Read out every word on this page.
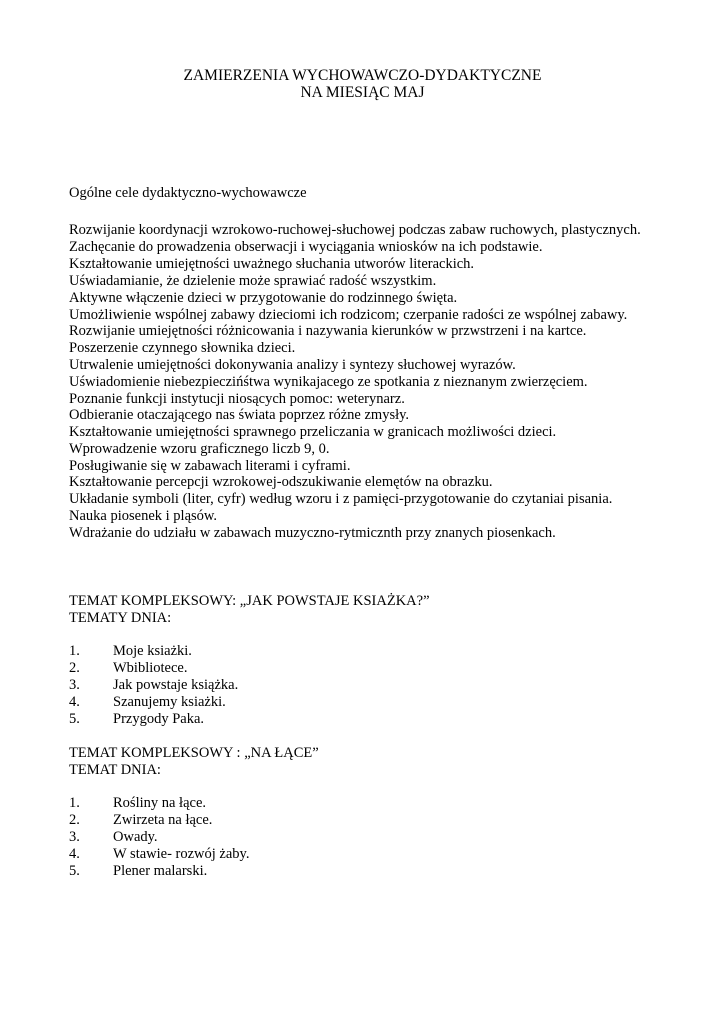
ZAMIERZENIA WYCHOWAWCZO-DYDAKTYCZNE
NA MIESIĄC MAJ
Ogólne cele dydaktyczno-wychowawcze
Rozwijanie koordynacji wzrokowo-ruchowej-słuchowej podczas zabaw ruchowych, plastycznych.
Zachęcanie do prowadzenia obserwacji i wyciągania wniosków na ich podstawie.
Kształtowanie umiejętności uważnego słuchania utworów literackich.
Uświadamianie, że dzielenie może sprawiać radość wszystkim.
Aktywne włączenie dzieci w przygotowanie do rodzinnego święta.
Umożliwienie wspólnej zabawy dzieciomi ich rodzicom; czerpanie radości ze wspólnej zabawy.
Rozwijanie umiejętności różnicowania i nazywania kierunków w przwstrzeni i na kartce.
Poszerzenie czynnego słownika dzieci.
Utrwalenie umiejętności dokonywania analizy i syntezy słuchowej wyrazów.
Uświadomienie niebezpieczińśtwa wynikajacego ze spotkania z nieznanym zwierzęciem.
Poznanie funkcji instytucji niosących pomoc: weterynarz.
Odbieranie otaczającego nas świata poprzez różne zmysły.
Kształtowanie umiejętności sprawnego przeliczania w granicach możliwości dzieci.
Wprowadzenie wzoru graficznego liczb 9, 0.
Posługiwanie się w zabawach literami i cyframi.
Kształtowanie percepcji wzrokowej-odszukiwanie elemętów na obrazku.
Układanie symboli (liter, cyfr) według wzoru i z pamięci-przygotowanie do czytaniai pisania.
Nauka piosenek i pląsów.
Wdrażanie do udziału w zabawach muzyczno-rytmicznth przy znanych piosenkach.
TEMAT KOMPLEKSOWY: „JAK POWSTAJE KSIAŻKA?”
TEMATY DNIA:
1. Moje ksiażki.
2. Wbibliotece.
3. Jak powstaje książka.
4. Szanujemy ksiażki.
5. Przygody Paka.
TEMAT KOMPLEKSOWY : „NA ŁĄCE”
TEMAT DNIA:
1. Rośliny na łące.
2. Zwirzeta na łące.
3. Owady.
4. W stawie- rozwój żaby.
5. Plener malarski.
